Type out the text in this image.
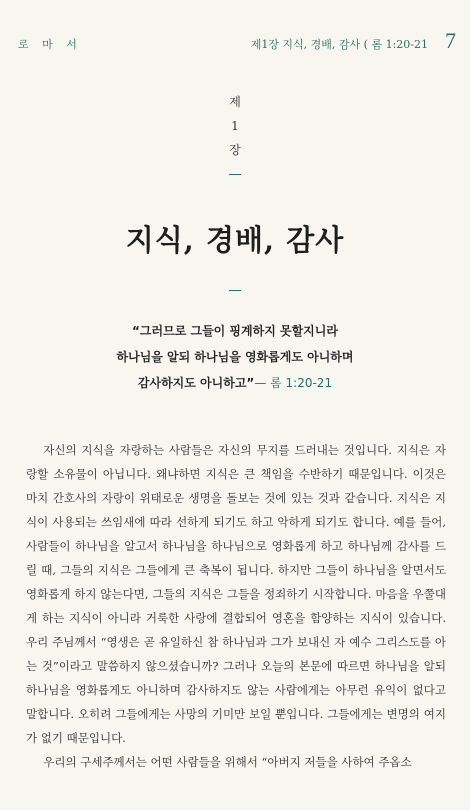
로 마 서	제1장 지식, 경배, 감사 ( 롬 1:20-21 7
제
1
장
지식, 경배, 감사
“그러므로 그들이 핑계하지 못할지니라
하나님을 알되 하나님을 영화롭게도 아니하며
감사하지도 아니하고”— 롬 1:20-21

자신의 지식을 자랑하는 사람들은 자신의 무지를 드러내는 것입니다. 지식은 자랑할 소유물이 아닙니다. 왜냐하면 지식은 큰 책임을 수반하기 때문입니다. 이것은 마치 간호사의 자랑이 위태로운 생명을 돌보는 것에 있는 것과 같습니다. 지식은 지식이 사용되는 쓰임새에 따라 선하게 되기도 하고 악하게 되기도 합니다. 예를 들어, 사람들이 하나님을 알고서 하나님을 하나님으로 영화롭게 하고 하나님께 감사를 드릴 때, 그들의 지식은 그들에게 큰 축복이 됩니다. 하지만 그들이 하나님을 알면서도 영화롭게 하지 않는다면, 그들의 지식은 그들을 정죄하기 시작합니다. 마음을 우쭐대게 하는 지식이 아니라 거룩한 사랑에 결합되어 영혼을 함양하는 지식이 있습니다. 우리 주님께서 “영생은 곧 유일하신 참 하나님과 그가 보내신 자 예수 그리스도를 아는 것”이라고 말씀하지 않으셨습니까? 그러나 오늘의 본문에 따르면 하나님을 알되 하나님을 영화롭게도 아니하며 감사하지도 않는 사람에게는 아무런 유익이 없다고 말합니다. 오히려 그들에게는 사망의 기미만 보일 뿐입니다. 그들에게는 변명의 여지가 없기 때문입니다.

우리의 구세주께서는 어떤 사람들을 위해서 “아버지 저들을 사하여 주옵소
